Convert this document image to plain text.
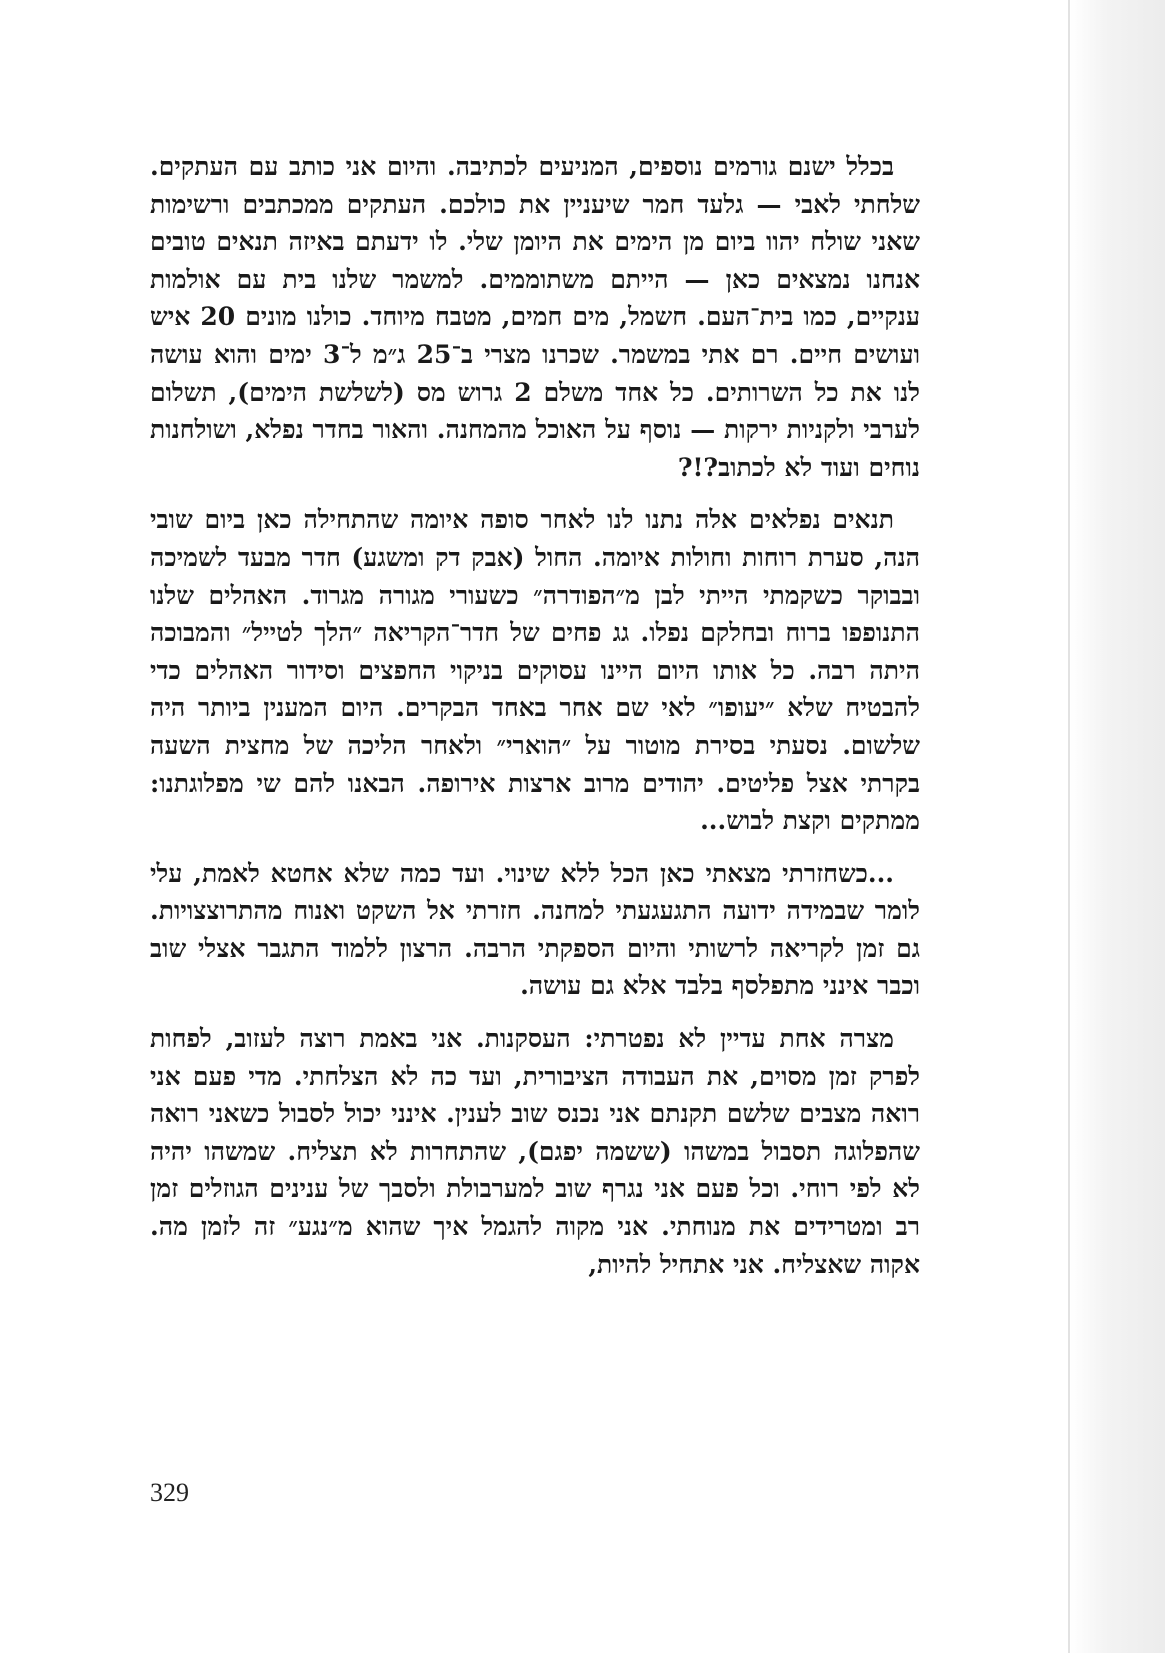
בכלל ישנם גורמים נוספים, המניעים לכתיבה. והיום אני כותב עם העתקים. שלחתי לאבי — גלעד חמר שיעניין את כולכם. העתקים ממכתבים ורשימות שאני שולח יהוו ביום מן הימים את היומן שלי. לו ידעתם באיזה תנאים טובים אנחנו נמצאים כאן — הייתם משתוממים. למשמר שלנו בית עם אולמות ענקיים, כמו בית־העם. חשמל, מים חמים, מטבח מיוחד. כולנו מונים 20 איש ועושים חיים. רם אתי במשמר. שכרנו מצרי ב־25 ג״מ ל־3 ימים והוא עושה לנו את כל השרותים. כל אחד משלם 2 גרוש מס (לשלשת הימים), תשלום לערבי ולקניות ירקות — נוסף על האוכל מהמחנה. והאור בחדר נפלא, ושולחנות נוחים ועוד לא לכתוב?!?

תנאים נפלאים אלה נתנו לנו לאחר סופה איומה שהתחילה כאן ביום שובי הנה, סערת רוחות וחולות איומה. החול (אבק דק ומשגע) חדר מבעד לשמיכה ובבוקר כשקמתי הייתי לבן מ״הפודרה״ כשעורי מגורה מגרוד. האהלים שלנו התנופפו ברוח ובחלקם נפלו. גג פחים של חדר־הקריאה ״הלך לטייל״ והמבוכה היתה רבה. כל אותו היום היינו עסוקים בניקוי החפצים וסידור האהלים כדי להבטיח שלא ״יעופו״ לאי שם אחר באחד הבקרים. היום המענין ביותר היה שלשום. נסעתי בסירת מוטור על ״הוארי״ ולאחר הליכה של מחצית השעה בקרתי אצל פליטים. יהודים מרוב ארצות אירופה. הבאנו להם שי מפלוגתנו: ממתקים וקצת לבוש...

...כשחזרתי מצאתי כאן הכל ללא שינוי. ועד כמה שלא אחטא לאמת, עלי לומר שבמידה ידועה התגעגעתי למחנה. חזרתי אל השקט ואנוח מהתרוצצויות. גם זמן לקריאה לרשותי והיום הספקתי הרבה. הרצון ללמוד התגבר אצלי שוב וכבר אינני מתפלסף בלבד אלא גם עושה.

מצרה אחת עדיין לא נפטרתי: העסקנות. אני באמת רוצה לעזוב, לפחות לפרק זמן מסוים, את העבודה הציבורית, ועד כה לא הצלחתי. מדי פעם אני רואה מצבים שלשם תקנתם אני נכנס שוב לענין. אינני יכול לסבול כשאני רואה שהפלוגה תסבול במשהו (ששמה יפגם), שהתחרות לא תצליח. שמשהו יהיה לא לפי רוחי. וכל פעם אני נגרף שוב למערבולת ולסבך של ענינים הגוזלים זמן רב ומטרידים את מנוחתי. אני מקוה להגמל איך שהוא מ״נגע״ זה לזמן מה. אקוה שאצליח. אני אתחיל להיות,

329
